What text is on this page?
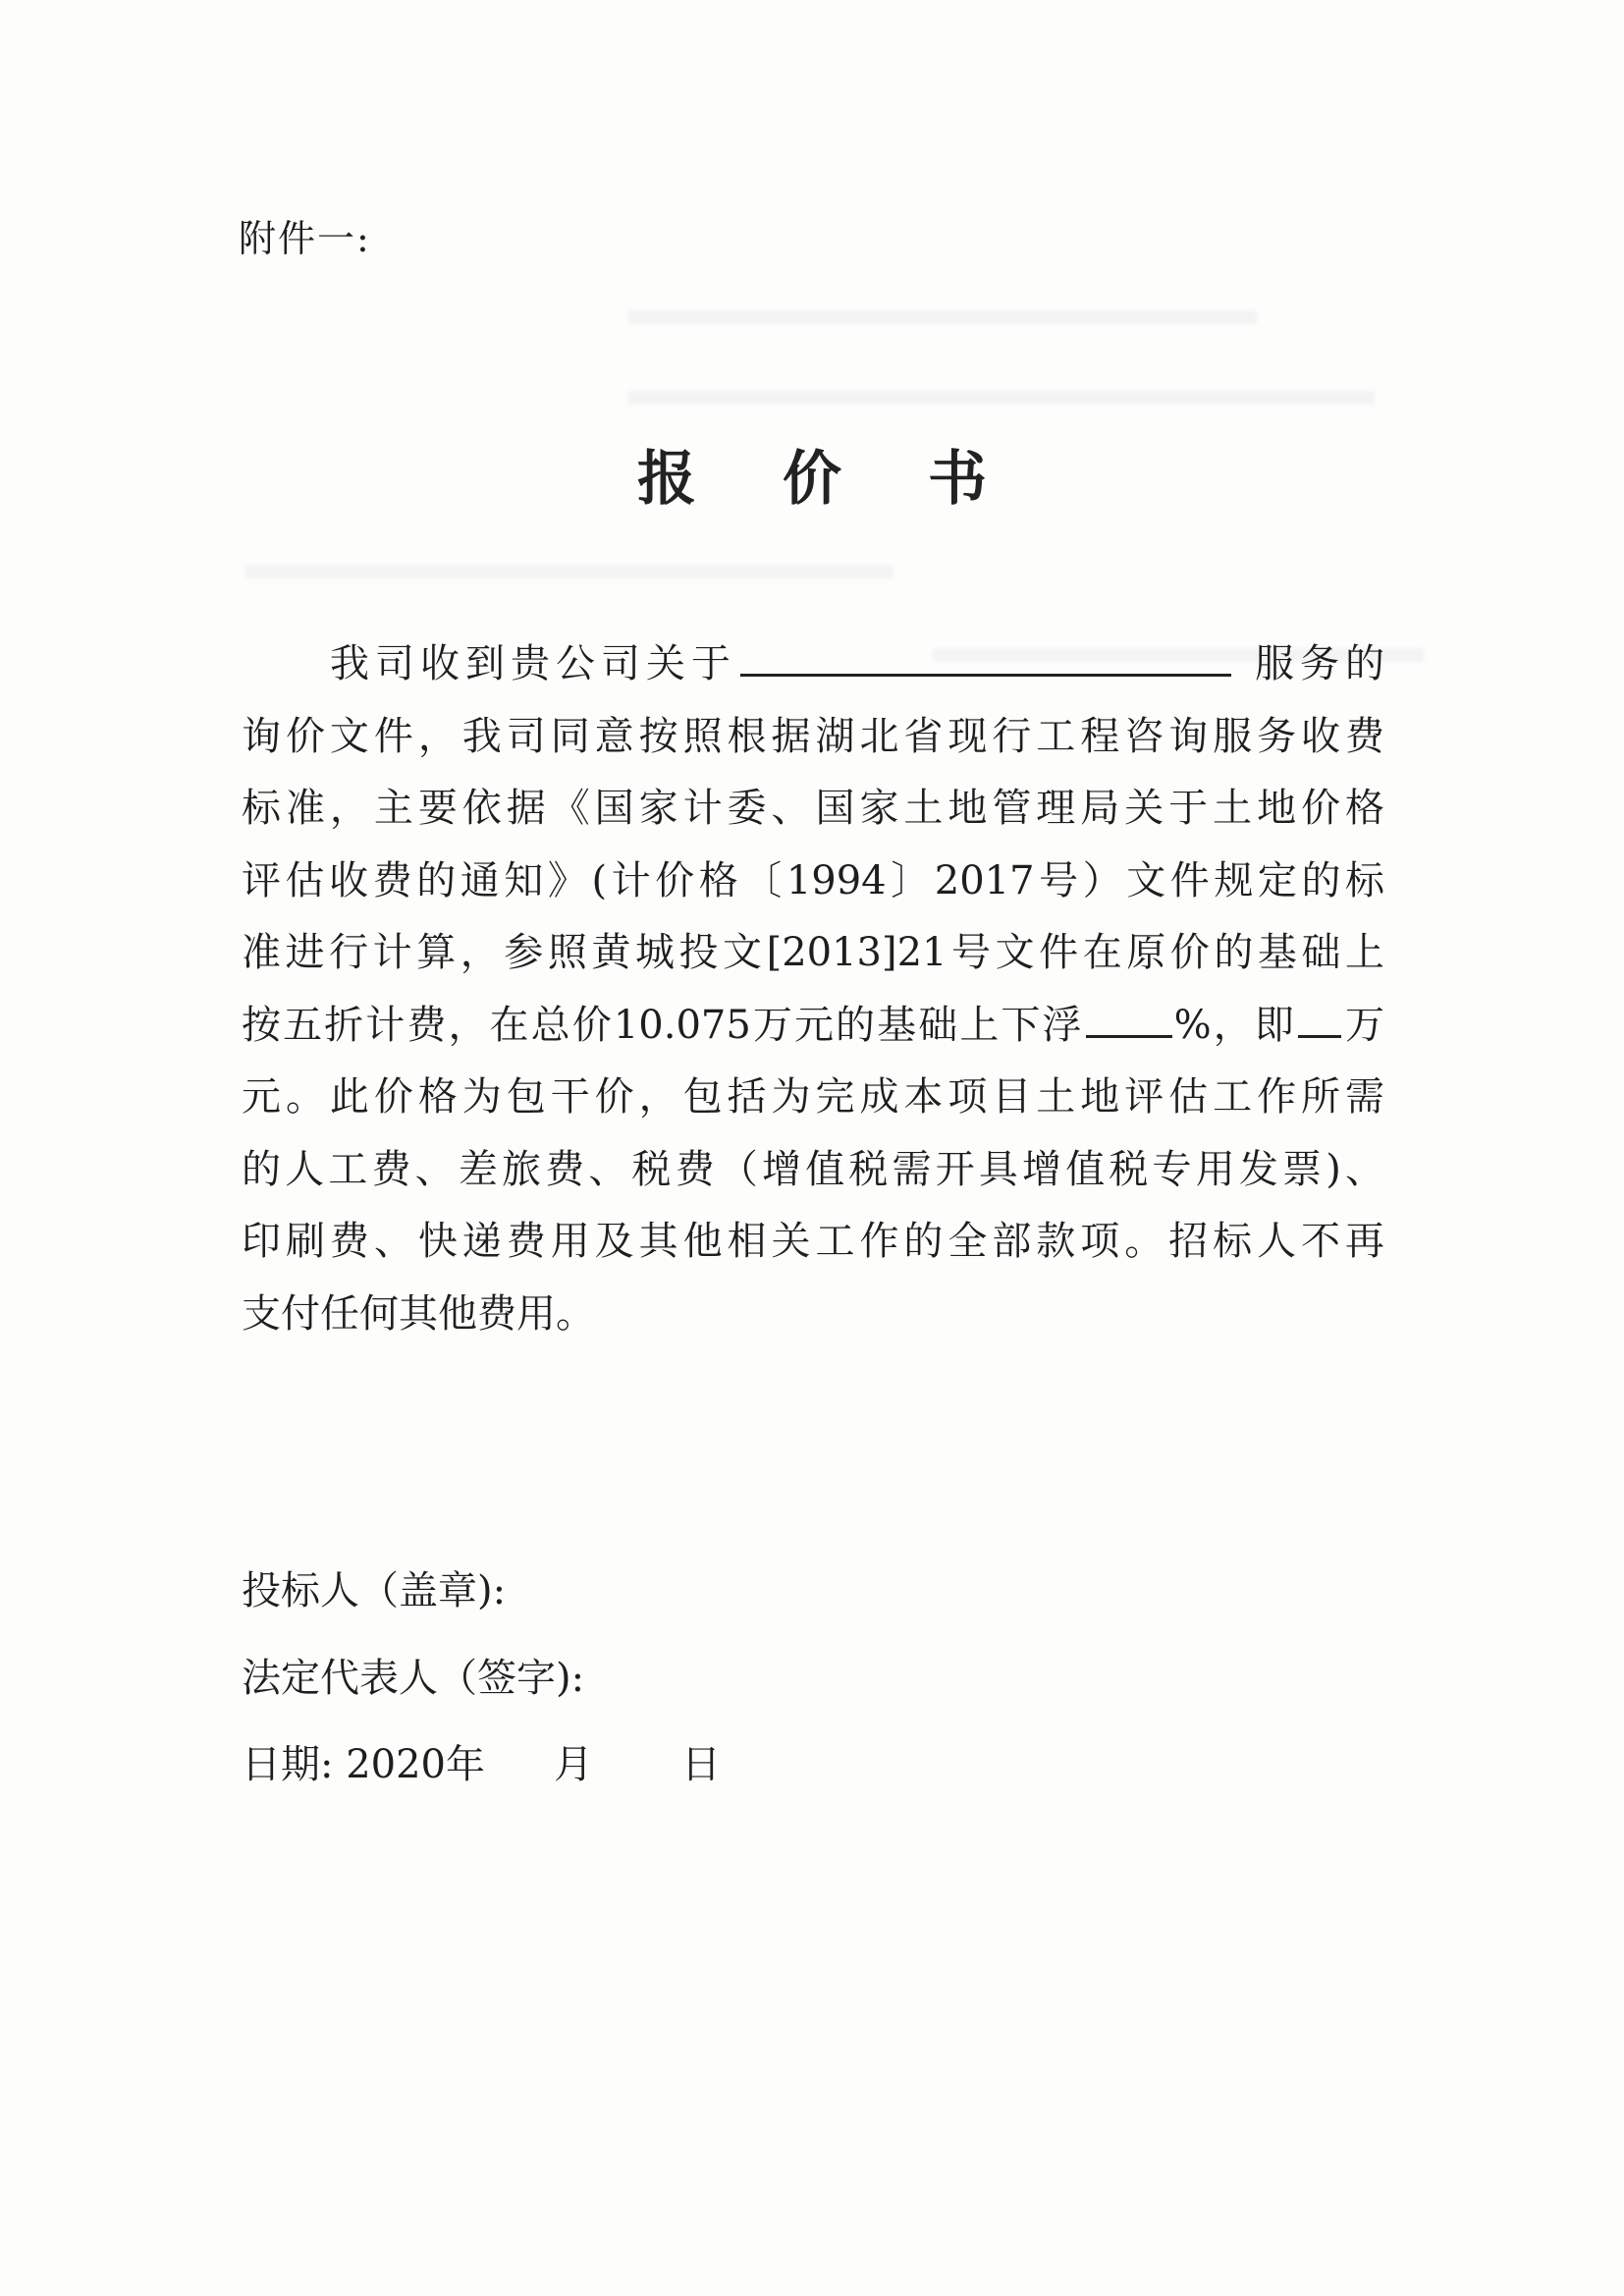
附件一:
报 价 书
我司收到贵公司关于	服务的
询价文件，我司同意按照根据湖北省现行工程咨询服务收费
标准，主要依据《国家计委、国家土地管理局关于土地价格
评估收费的通知》(计价格〔1994〕2017号）文件规定的标
准进行计算，参照黄城投文[2013]21号文件在原价的基础上
按五折计费，在总价10.075万元的基础上下浮 %，即 万
元。此价格为包干价，包括为完成本项目土地评估工作所需
的人工费、差旅费、税费（增值税需开具增值税专用发票)、
印刷费、快递费用及其他相关工作的全部款项。招标人不再
支付任何其他费用。
投标人（盖章):
法定代表人（签字):
日期: 2020年 月 日
